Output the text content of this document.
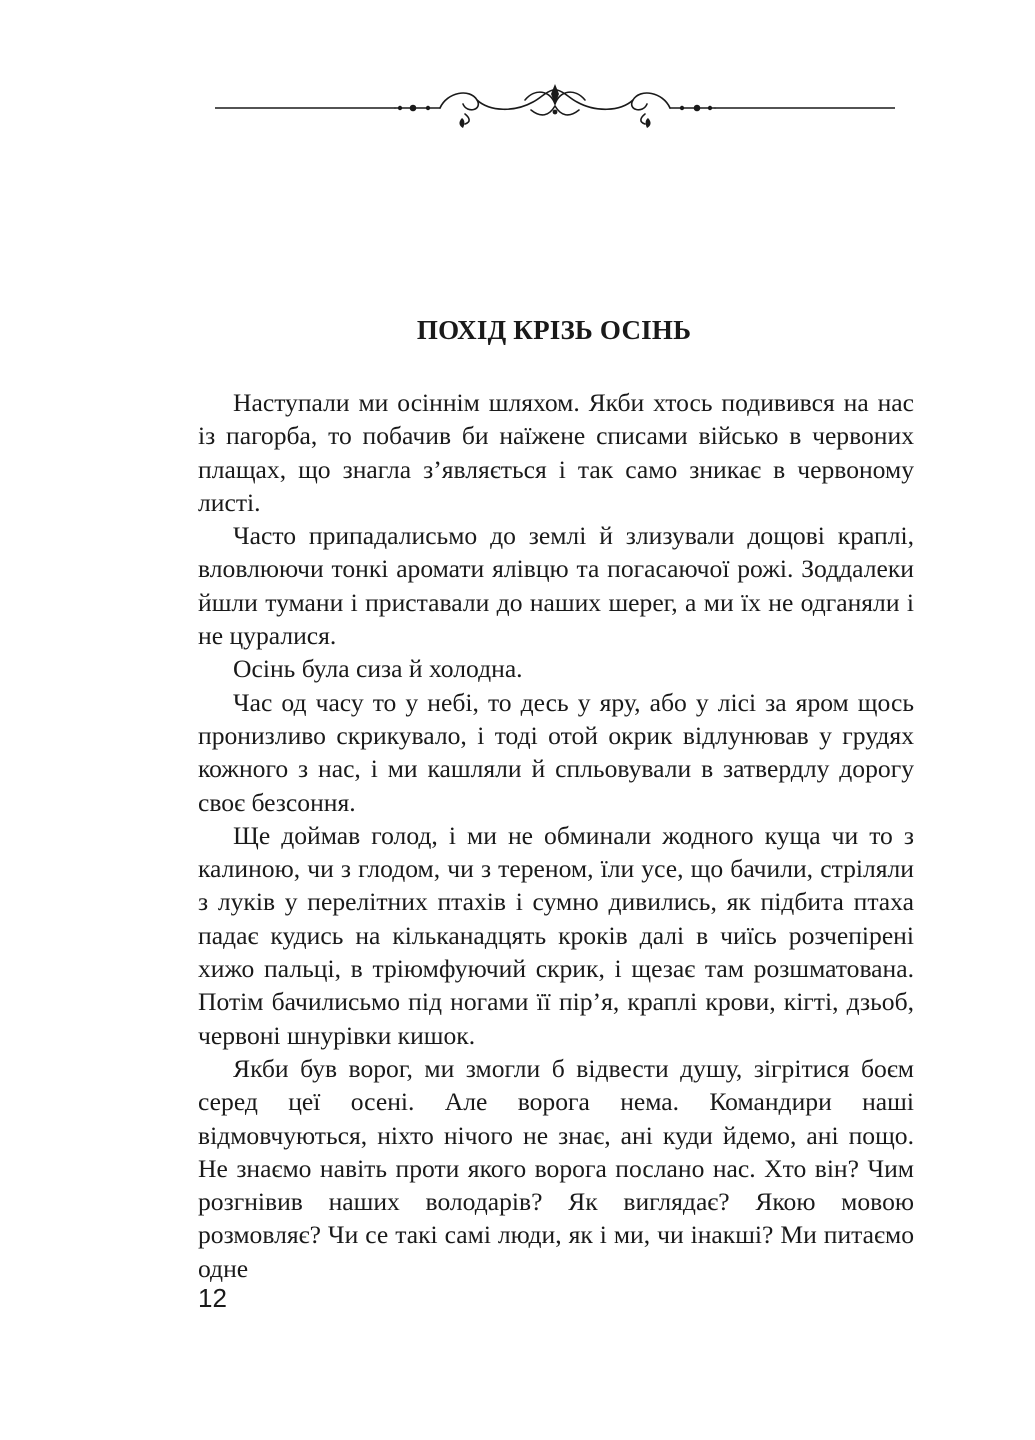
ПОХІД КРІЗЬ ОСІНЬ

Наступали ми осіннім шляхом. Якби хтось подивився на нас із пагорба, то побачив би наїжене списами військо в червоних плащах, що знагла з’являється і так само зникає в червоному листі.

Часто припадалисьмо до землі й злизували дощові краплі, вловлюючи тонкі аромати ялівцю та погасаючої рожі. Зоддалеки йшли тумани і приставали до наших шерег, а ми їх не одганяли і не цуралися.

Осінь була сиза й холодна.

Час од часу то у небі, то десь у яру, або у лісі за яром щось пронизливо скрикувало, і тоді отой окрик відлунював у грудях кожного з нас, і ми кашляли й спльовували в затвердлу дорогу своє безсоння.

Ще доймав голод, і ми не обминали жодного куща чи то з калиною, чи з глодом, чи з тереном, їли усе, що бачили, стріляли з луків у перелітних птахів і сумно дивились, як підбита птаха падає кудись на кільканадцять кроків далі в чиїсь розчепірені хижо пальці, в тріюмфуючий скрик, і щезає там розшматована. Потім бачилисьмо під ногами її пір’я, краплі крови, кігті, дзьоб, червоні шнурівки кишок.

Якби був ворог, ми змогли б відвести душу, зігрітися боєм серед цеї осені. Але ворога нема. Командири наші відмовчуються, ніхто нічого не знає, ані куди йдемо, ані пощо. Не знаємо навіть проти якого ворога послано нас. Хто він? Чим розгнівив наших володарів? Як виглядає? Якою мовою розмовляє? Чи се такі самі люди, як і ми, чи інакші? Ми питаємо одне

12
